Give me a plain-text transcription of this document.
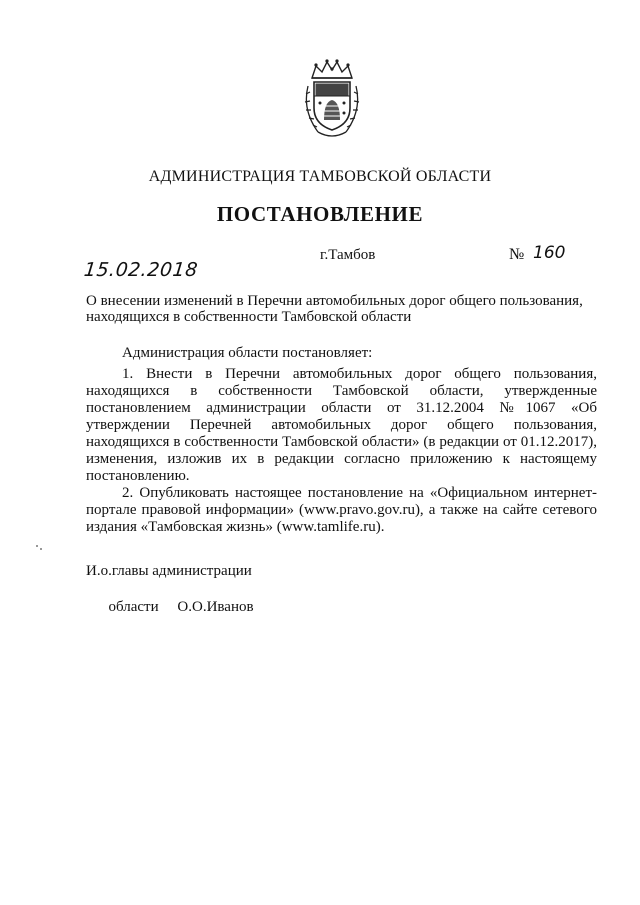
АДМИНИСТРАЦИЯ ТАМБОВСКОЙ ОБЛАСТИ
ПОСТАНОВЛЕНИЕ
г.Тамбов	№ 160
15.02.2018
О внесении изменений в Перечни автомобильных дорог общего пользования, находящихся в собственности Тамбовской области
Администрация области постановляет:

1. Внести в Перечни автомобильных дорог общего пользования, находящихся в собственности Тамбовской области, утвержденные постановлением администрации области от 31.12.2004 №1067 «Об утверждении Перечней автомобильных дорог общего пользования, находящихся в собственности Тамбовской области» (в редакции от 01.12.2017), изменения, изложив их в редакции согласно приложению к настоящему постановлению.

2. Опубликовать настоящее постановление на «Официальном интернет-портале правовой информации» (www.pravo.gov.ru), а также на сайте сетевого издания «Тамбовская жизнь» (www.tamlife.ru).

И.о.главы администрации

области О.О.Иванов
